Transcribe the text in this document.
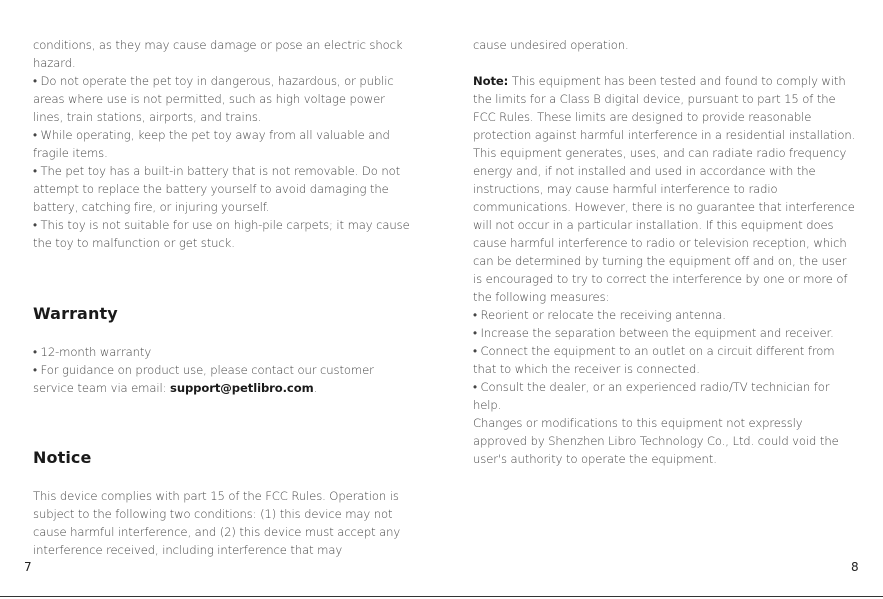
conditions, as they may cause damage or pose an electric shock hazard.

• Do not operate the pet toy in dangerous, hazardous, or public areas where use is not permitted, such as high voltage power lines, train stations, airports, and trains.

• While operating, keep the pet toy away from all valuable and fragile items.

• The pet toy has a built-in battery that is not removable. Do not attempt to replace the battery yourself to avoid damaging the battery, catching fire, or injuring yourself.

• This toy is not suitable for use on high-pile carpets; it may cause the toy to malfunction or get stuck.

Warranty

• 12-month warranty

• For guidance on product use, please contact our customer service team via email: support@petlibro.com.

Notice

This device complies with part 15 of the FCC Rules. Operation is subject to the following two conditions: (1) this device may not cause harmful interference, and (2) this device must accept any interference received, including interference that may

7

cause undesired operation.

Note: This equipment has been tested and found to comply with the limits for a Class B digital device, pursuant to part 15 of the FCC Rules. These limits are designed to provide reasonable protection against harmful interference in a residential installation. This equipment generates, uses, and can radiate radio frequency energy and, if not installed and used in accordance with the instructions, may cause harmful interference to radio communications. However, there is no guarantee that interference will not occur in a particular installation. If this equipment does cause harmful interference to radio or television reception, which can be determined by turning the equipment off and on, the user is encouraged to try to correct the interference by one or more of the following measures:

• Reorient or relocate the receiving antenna.

• Increase the separation between the equipment and receiver.

• Connect the equipment to an outlet on a circuit different from that to which the receiver is connected.

• Consult the dealer, or an experienced radio/TV technician for help.

Changes or modifications to this equipment not expressly approved by Shenzhen Libro Technology Co., Ltd. could void the user's authority to operate the equipment.

8
